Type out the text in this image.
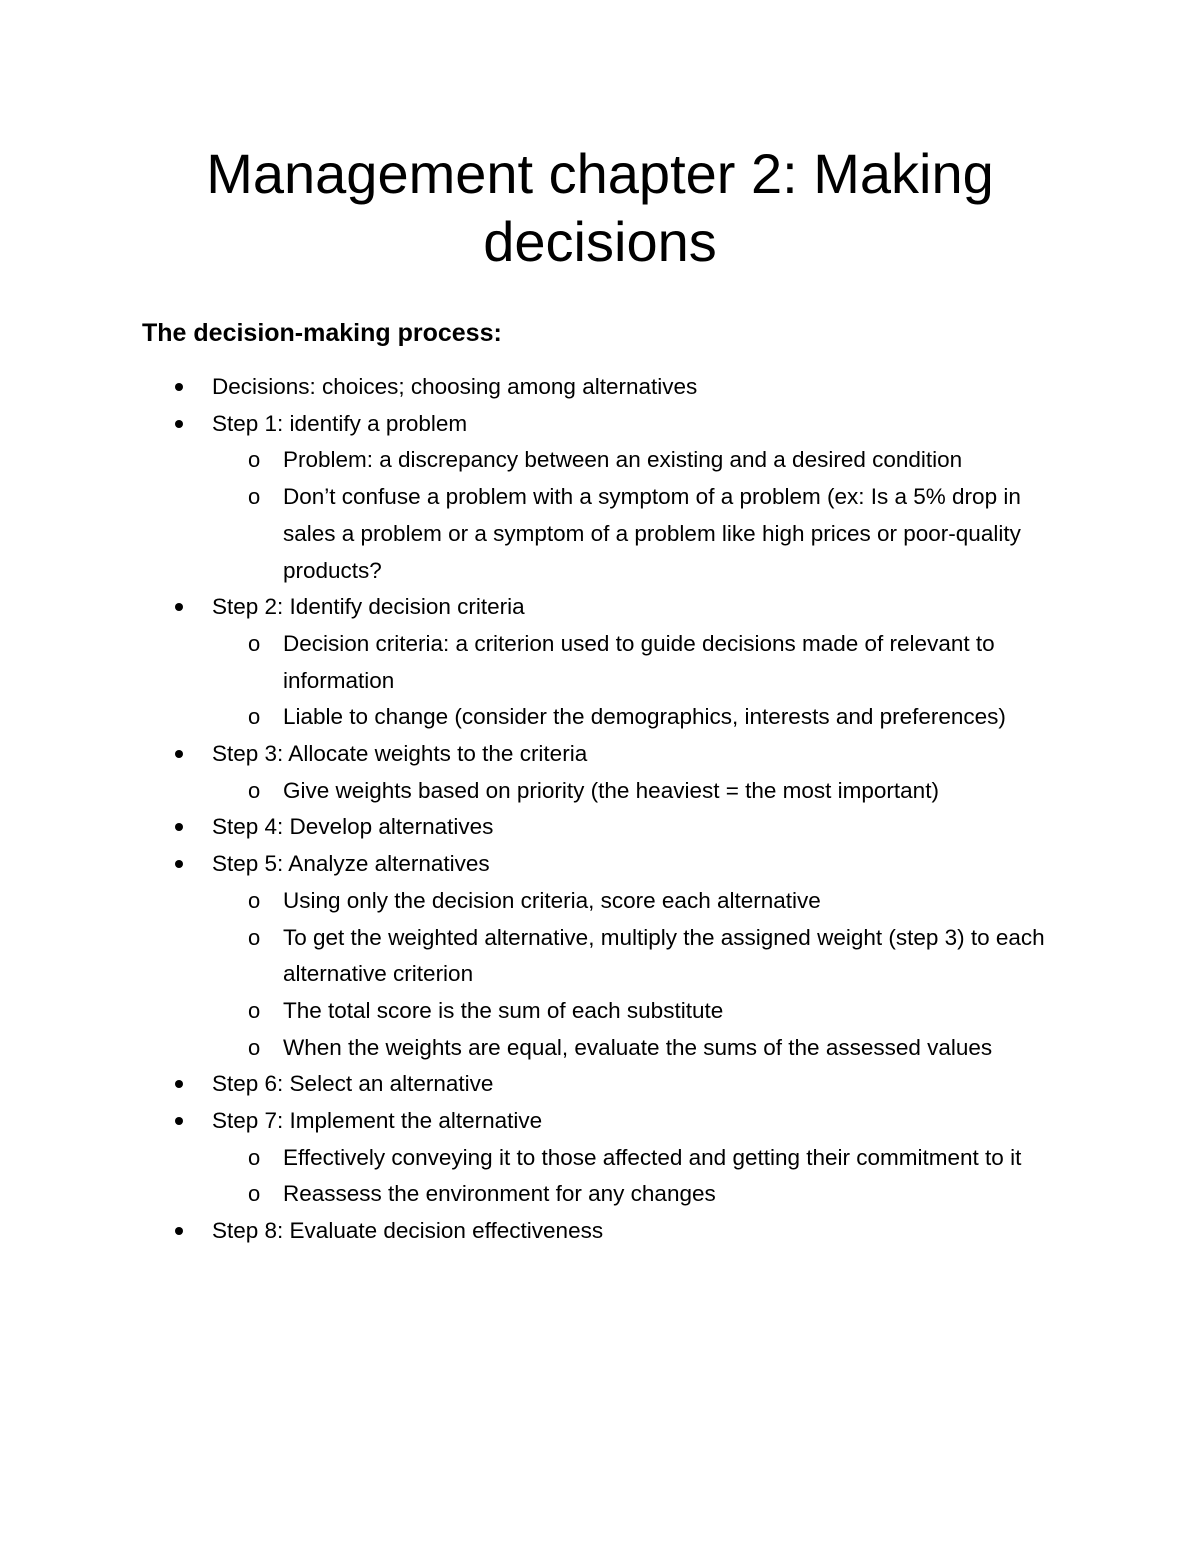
Management chapter 2: Making decisions
The decision-making process:
Decisions: choices; choosing among alternatives
Step 1: identify a problem
o Problem: a discrepancy between an existing and a desired condition
o Don’t confuse a problem with a symptom of a problem (ex: Is a 5% drop in sales a problem or a symptom of a problem like high prices or poor-quality products?
Step 2: Identify decision criteria
o Decision criteria: a criterion used to guide decisions made of relevant to information
o Liable to change (consider the demographics, interests and preferences)
Step 3: Allocate weights to the criteria
o Give weights based on priority (the heaviest = the most important)
Step 4: Develop alternatives
Step 5: Analyze alternatives
o Using only the decision criteria, score each alternative
o To get the weighted alternative, multiply the assigned weight (step 3) to each alternative criterion
o The total score is the sum of each substitute
o When the weights are equal, evaluate the sums of the assessed values
Step 6: Select an alternative
Step 7: Implement the alternative
o Effectively conveying it to those affected and getting their commitment to it
o Reassess the environment for any changes
Step 8: Evaluate decision effectiveness
